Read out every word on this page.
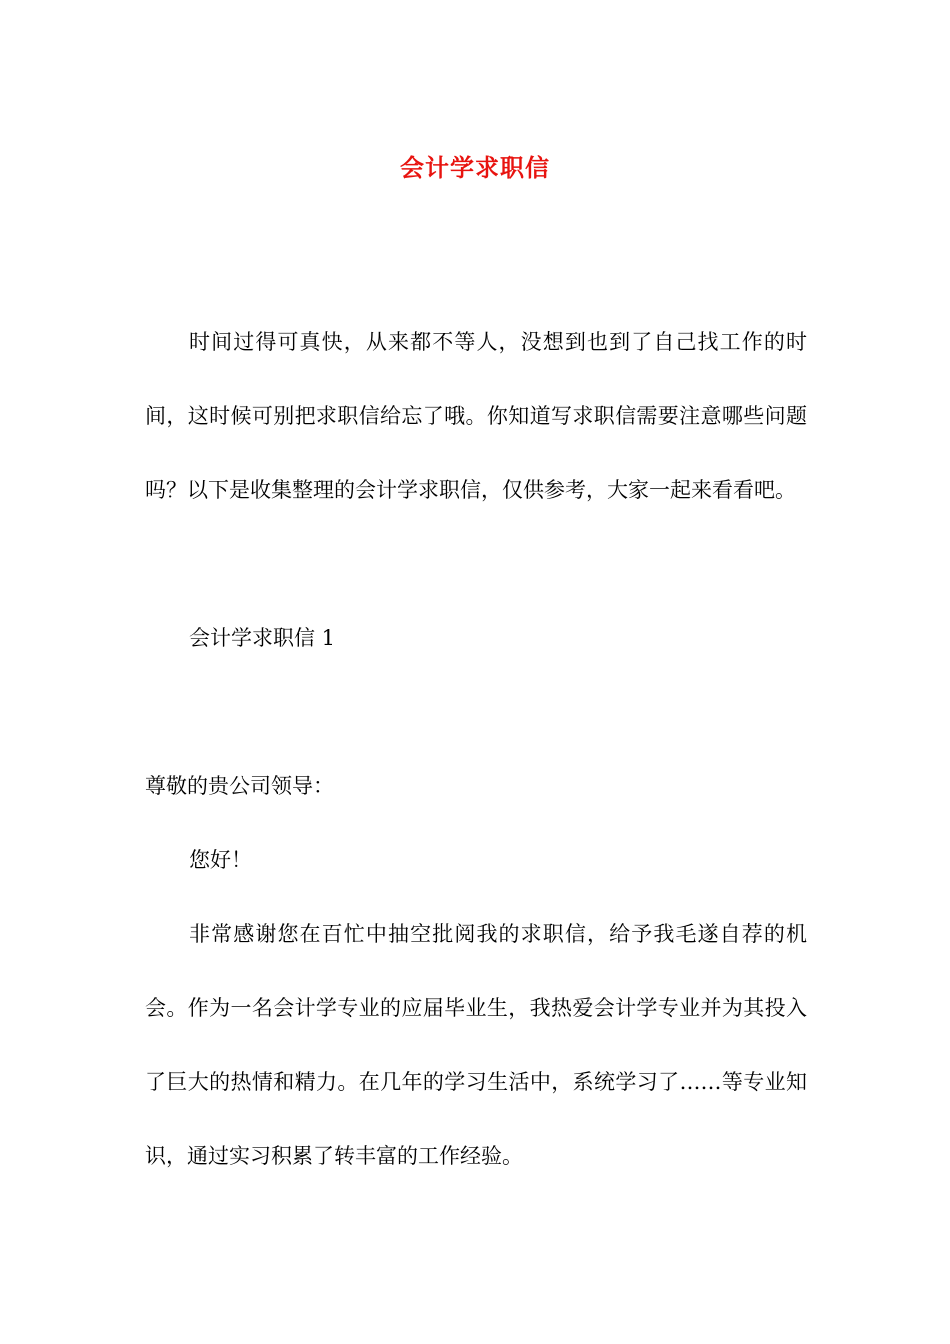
会计学求职信

时间过得可真快，从来都不等人，没想到也到了自己找工作的时间，这时候可别把求职信给忘了哦。你知道写求职信需要注意哪些问题吗？以下是收集整理的会计学求职信，仅供参考，大家一起来看看吧。

会计学求职信 1

尊敬的贵公司领导：

您好！

非常感谢您在百忙中抽空批阅我的求职信，给予我毛遂自荐的机会。作为一名会计学专业的应届毕业生，我热爱会计学专业并为其投入了巨大的热情和精力。在几年的学习生活中，系统学习了……等专业知识，通过实习积累了转丰富的工作经验。
